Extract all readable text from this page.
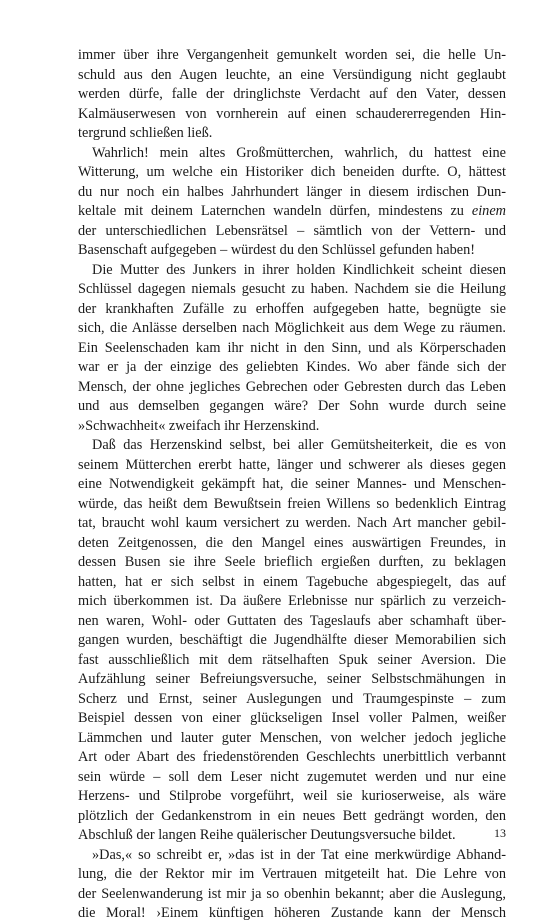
immer über ihre Vergangenheit gemunkelt worden sei, die helle Un-
schuld aus den Augen leuchte, an eine Versündigung nicht geglaubt
werden dürfe, falle der dringlichste Verdacht auf den Vater, dessen
Kalmäuserwesen von vornherein auf einen schaudererregenden Hin-
tergrund schließen ließ.
Wahrlich! mein altes Großmütterchen, wahrlich, du hattest eine
Witterung, um welche ein Historiker dich beneiden durfte. O, hättest
du nur noch ein halbes Jahrhundert länger in diesem irdischen Dun-
keltale mit deinem Laternchen wandeln dürfen, mindestens zu einem
der unterschiedlichen Lebensrätsel – sämtlich von der Vettern- und
Basenschaft aufgegeben – würdest du den Schlüssel gefunden haben!
Die Mutter des Junkers in ihrer holden Kindlichkeit scheint diesen
Schlüssel dagegen niemals gesucht zu haben. Nachdem sie die Heilung
der krankhaften Zufälle zu erhoffen aufgegeben hatte, begnügte sie
sich, die Anlässe derselben nach Möglichkeit aus dem Wege zu räumen.
Ein Seelenschaden kam ihr nicht in den Sinn, und als Körperschaden
war er ja der einzige des geliebten Kindes. Wo aber fände sich der
Mensch, der ohne jegliches Gebrechen oder Gebresten durch das Leben
und aus demselben gegangen wäre? Der Sohn wurde durch seine
»Schwachheit« zweifach ihr Herzenskind.
Daß das Herzenskind selbst, bei aller Gemütsheiterkeit, die es von
seinem Mütterchen ererbt hatte, länger und schwerer als dieses gegen
eine Notwendigkeit gekämpft hat, die seiner Mannes- und Menschen-
würde, das heißt dem Bewußtsein freien Willens so bedenklich Eintrag
tat, braucht wohl kaum versichert zu werden. Nach Art mancher gebil-
deten Zeitgenossen, die den Mangel eines auswärtigen Freundes, in
dessen Busen sie ihre Seele brieflich ergießen durften, zu beklagen
hatten, hat er sich selbst in einem Tagebuche abgespiegelt, das auf
mich überkommen ist. Da äußere Erlebnisse nur spärlich zu verzeich-
nen waren, Wohl- oder Guttaten des Tageslaufs aber schamhaft über-
gangen wurden, beschäftigt die Jugendhälfte dieser Memorabilien sich
fast ausschließlich mit dem rätselhaften Spuk seiner Aversion. Die
Aufzählung seiner Befreiungsversuche, seiner Selbstschmähungen in
Scherz und Ernst, seiner Auslegungen und Traumgespinste – zum
Beispiel dessen von einer glückseligen Insel voller Palmen, weißer
Lämmchen und lauter guter Menschen, von welcher jedoch jegliche
Art oder Abart des friedenstörenden Geschlechts unerbittlich verbannt
sein würde – soll dem Leser nicht zugemutet werden und nur eine
Herzens- und Stilprobe vorgeführt, weil sie kurioserweise, als wäre
plötzlich der Gedankenstrom in ein neues Bett gedrängt worden, den
Abschluß der langen Reihe quälerischer Deutungsversuche bildet.
»Das,« so schreibt er, »das ist in der Tat eine merkwürdige Abhand-
lung, die der Rektor mir im Vertrauen mitgeteilt hat. Die Lehre von
der Seelenwanderung ist mir ja so obenhin bekannt; aber die Auslegung,
die Moral! ›Einem künftigen höheren Zustande kann der Mensch
13
